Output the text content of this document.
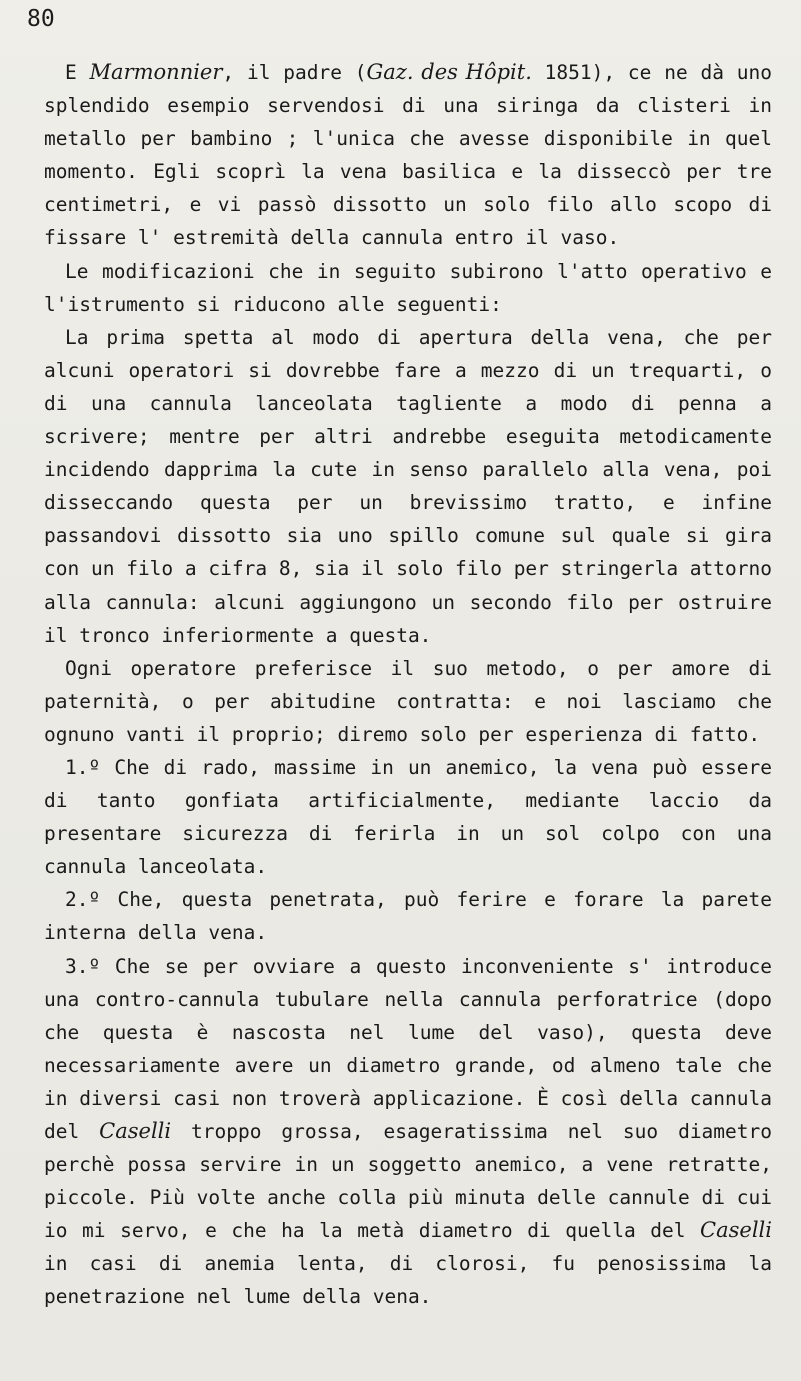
80

E Marmonnier, il padre (Gaz. des Hôpit. 1851), ce ne dà uno splendido esempio servendosi di una siringa da clisteri in metallo per bambino ; l'unica che avesse disponibile in quel momento. Egli scoprì la vena basilica e la disseccò per tre centimetri, e vi passò dissotto un solo filo allo scopo di fissare l' estremità della cannula entro il vaso.

Le modificazioni che in seguito subirono l'atto operativo e l'istrumento si riducono alle seguenti:

La prima spetta al modo di apertura della vena, che per alcuni operatori si dovrebbe fare a mezzo di un trequarti, o di una cannula lanceolata tagliente a modo di penna a scrivere; mentre per altri andrebbe eseguita metodicamente incidendo dapprima la cute in senso parallelo alla vena, poi disseccando questa per un brevissimo tratto, e infine passandovi dissotto sia uno spillo comune sul quale si gira con un filo a cifra 8, sia il solo filo per stringerla attorno alla cannula: alcuni aggiungono un secondo filo per ostruire il tronco inferiormente a questa.

Ogni operatore preferisce il suo metodo, o per amore di paternità, o per abitudine contratta: e noi lasciamo che ognuno vanti il proprio; diremo solo per esperienza di fatto.

1.º Che di rado, massime in un anemico, la vena può essere di tanto gonfiata artificialmente, mediante laccio da presentare sicurezza di ferirla in un sol colpo con una cannula lanceolata.

2.º Che, questa penetrata, può ferire e forare la parete interna della vena.

3.º Che se per ovviare a questo inconveniente s' introduce una contro-cannula tubulare nella cannula perforatrice (dopo che questa è nascosta nel lume del vaso), questa deve necessariamente avere un diametro grande, od almeno tale che in diversi casi non troverà applicazione. È così della cannula del Caselli troppo grossa, esageratissima nel suo diametro perchè possa servire in un soggetto anemico, a vene retratte, piccole. Più volte anche colla più minuta delle cannule di cui io mi servo, e che ha la metà diametro di quella del Caselli in casi di anemia lenta, di clorosi, fu penosissima la penetrazione nel lume della vena.
